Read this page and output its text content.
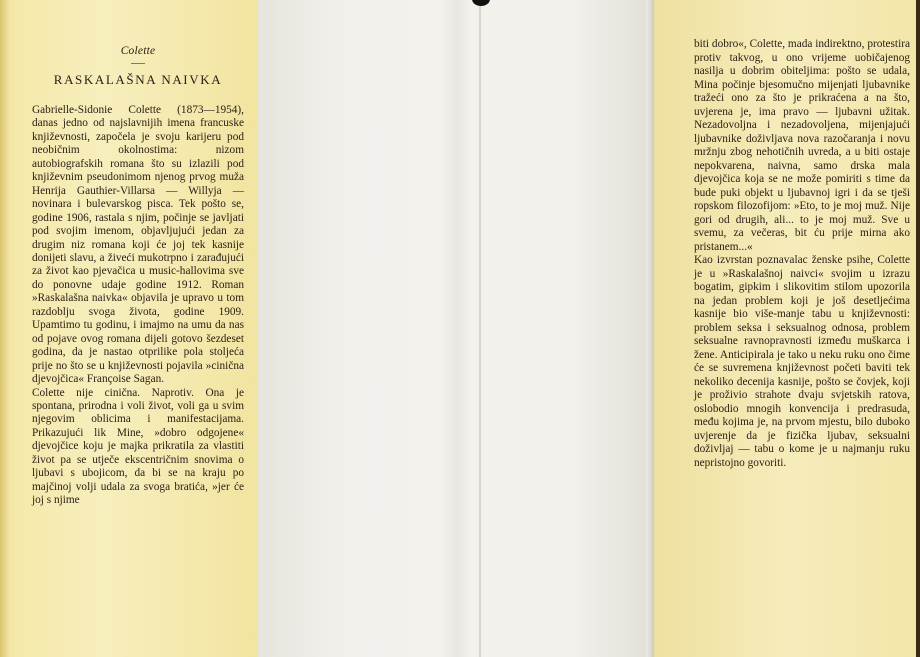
Colette
RASKALAŠNA NAIVKA

Gabrielle-Sidonie Colette (1873—1954), danas jedno od najslavnijih imena francuske književnosti, započela je svoju karijeru pod neobičnim okolnostima: nizom autobiografskih romana što su izlazili pod književnim pseudonimom njenog prvog muža Henrija Gauthier-Villarsa — Willyja — novinara i bulevarskog pisca. Tek pošto se, godine 1906, rastala s njim, počinje se javljati pod svojim imenom, objavljujući jedan za drugim niz romana koji će joj tek kasnije donijeti slavu, a živeći mukotrpno i zarađujući za život kao pjevačica u music-hallovima sve do ponovne udaje godine 1912. Roman »Raskalašna naivka« objavila je upravo u tom razdoblju svoga života, godine 1909. Upamtimo tu godinu, i imajmo na umu da nas od pojave ovog romana dijeli gotovo šezdeset godina, da je nastao otprilike pola stoljeća prije no što se u književnosti pojavila »cinična djevojčica« Françoise Sagan.

Colette nije cinična. Naprotiv. Ona je spontana, prirodna i voli život, voli ga u svim njegovim oblicima i manifestacijama. Prikazujući lik Mine, »dobro odgojene« djevojčice koju je majka prikratila za vlastiti život pa se utječe ekscentričnim snovima o ljubavi s ubojicom, da bi se na kraju po majčinoj volji udala za svoga bratića, »jer će joj s njime

biti dobro«, Colette, mada indirektno, protestira protiv takvog, u ono vrijeme uobičajenog nasilja u dobrim obiteljima: pošto se udala, Mina počinje bjesomučno mijenjati ljubavnike tražeći ono za što je prikraćena a na što, uvjerena je, ima pravo — ljubavni užitak. Nezadovoljna i nezadovoljena, mijenjajući ljubavnike doživljava nova razočaranja i novu mržnju zbog nehotičnih uvreda, a u biti ostaje nepokvarena, naivna, samo drska mala djevojčica koja se ne može pomiriti s time da bude puki objekt u ljubavnoj igri i da se tješi ropskom filozofijom: »Eto, to je moj muž. Nije gori od drugih, ali... to je moj muž. Sve u svemu, za večeras, bit ću prije mirna ako pristanem...«

Kao izvrstan poznavalac ženske psihe, Colette je u »Raskalašnoj naivci« svojim u izrazu bogatim, gipkim i slikovitim stilom upozorila na jedan problem koji je još desetljećima kasnije bio više-manje tabu u književnosti: problem seksa i seksualnog odnosa, problem seksualne ravnopravnosti između muškarca i žene. Anticipirala je tako u neku ruku ono čime će se suvremena književnost početi baviti tek nekoliko decenija kasnije, pošto se čovjek, koji je proživio strahote dvaju svjetskih ratova, oslobodio mnogih konvencija i predrasuda, među kojima je, na prvom mjestu, bilo duboko uvjerenje da je fizička ljubav, seksualni doživljaj — tabu o kome je u najmanju ruku nepristojno govoriti.
